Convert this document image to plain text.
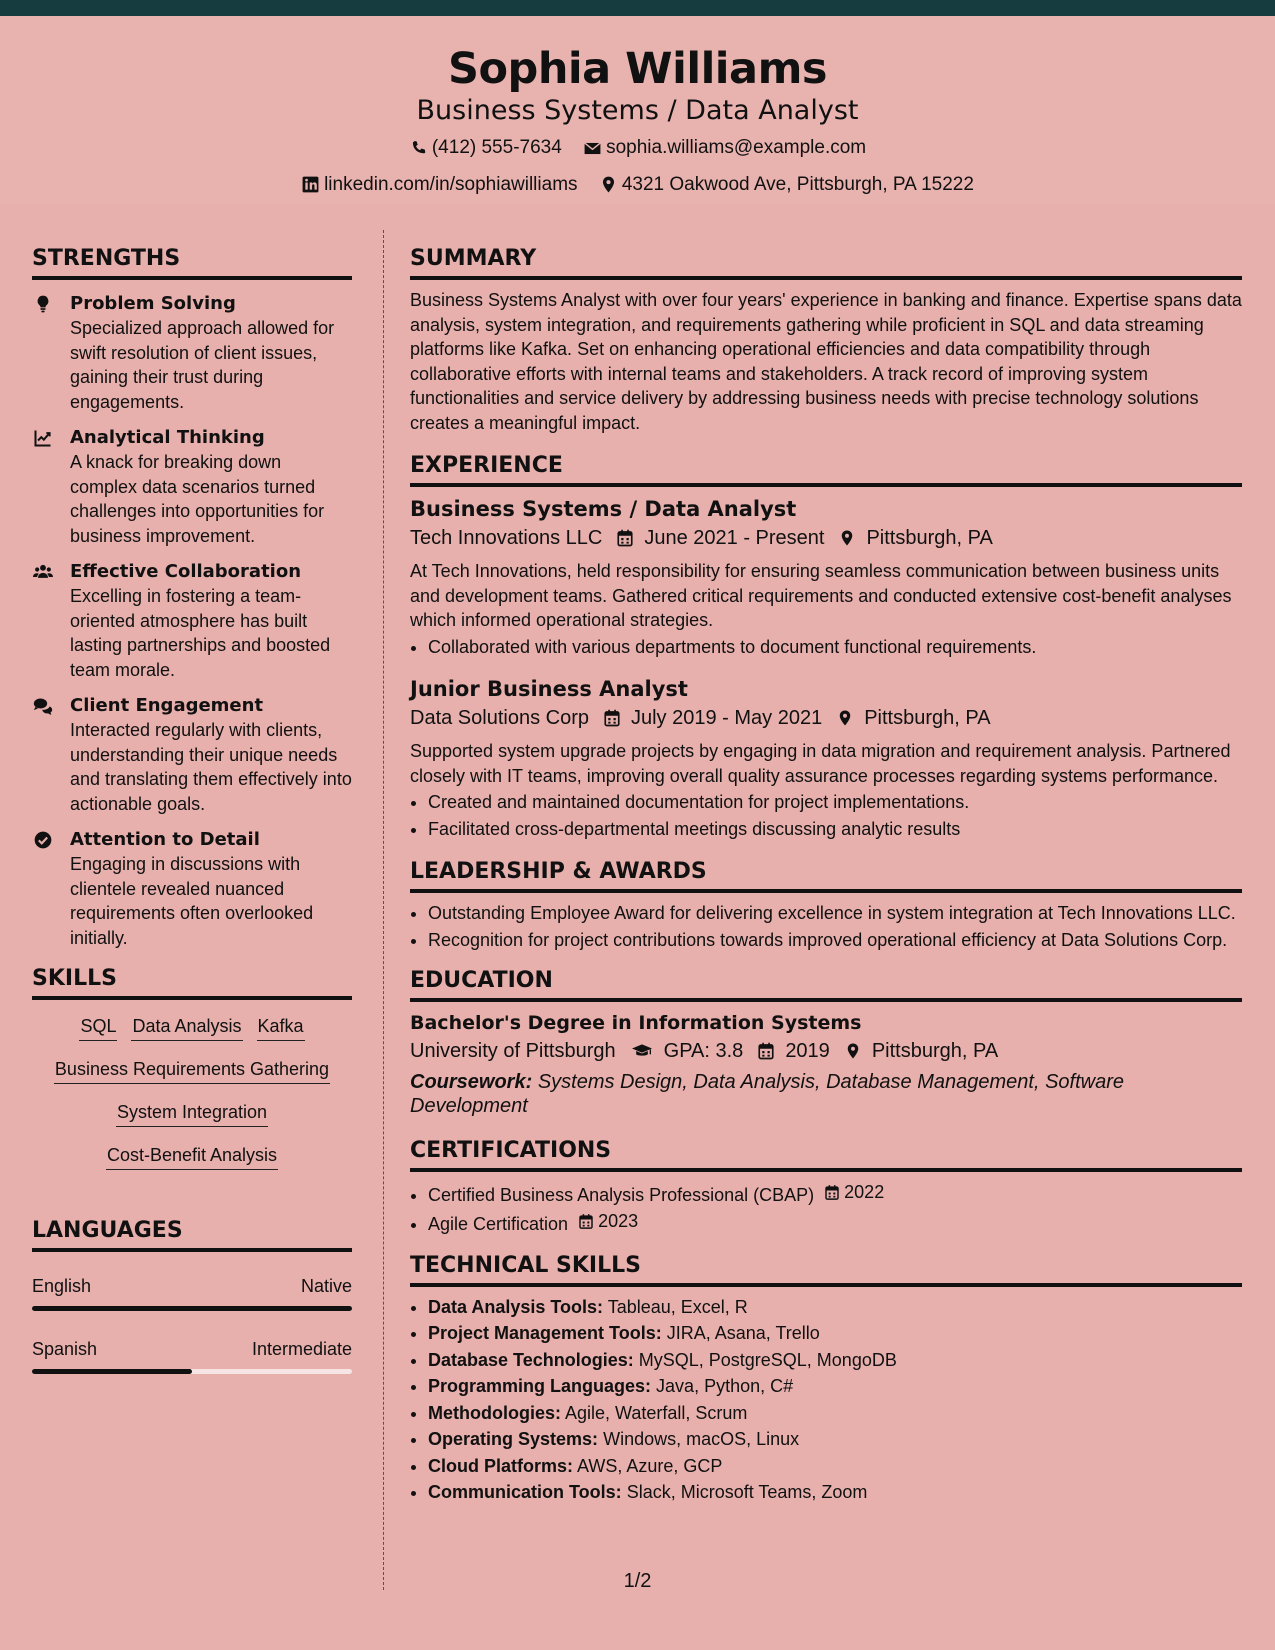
Sophia Williams
Business Systems / Data Analyst
(412) 555-7634
sophia.williams@example.com
linkedin.com/in/sophiawilliams
4321 Oakwood Ave, Pittsburgh, PA 15222
STRENGTHS
Problem Solving
Specialized approach allowed for swift resolution of client issues, gaining their trust during engagements.
Analytical Thinking
A knack for breaking down complex data scenarios turned challenges into opportunities for business improvement.
Effective Collaboration
Excelling in fostering a team-oriented atmosphere has built lasting partnerships and boosted team morale.
Client Engagement
Interacted regularly with clients, understanding their unique needs and translating them effectively into actionable goals.
Attention to Detail
Engaging in discussions with clientele revealed nuanced requirements often overlooked initially.
SKILLS
SQL Data Analysis Kafka
Business Requirements Gathering
System Integration
Cost-Benefit Analysis
LANGUAGES
English	Native
Spanish	Intermediate
SUMMARY
Business Systems Analyst with over four years' experience in banking and finance. Expertise spans data analysis, system integration, and requirements gathering while proficient in SQL and data streaming platforms like Kafka. Set on enhancing operational efficiencies and data compatibility through collaborative efforts with internal teams and stakeholders. A track record of improving system functionalities and service delivery by addressing business needs with precise technology solutions creates a meaningful impact.
EXPERIENCE
Business Systems / Data Analyst
Tech Innovations LLC June 2021 - Present Pittsburgh, PA
At Tech Innovations, held responsibility for ensuring seamless communication between business units and development teams. Gathered critical requirements and conducted extensive cost-benefit analyses which informed operational strategies.
• Collaborated with various departments to document functional requirements.
Junior Business Analyst
Data Solutions Corp July 2019 - May 2021 Pittsburgh, PA
Supported system upgrade projects by engaging in data migration and requirement analysis. Partnered closely with IT teams, improving overall quality assurance processes regarding systems performance.
• Created and maintained documentation for project implementations.
• Facilitated cross-departmental meetings discussing analytic results
LEADERSHIP & AWARDS
• Outstanding Employee Award for delivering excellence in system integration at Tech Innovations LLC.
• Recognition for project contributions towards improved operational efficiency at Data Solutions Corp.
EDUCATION
Bachelor's Degree in Information Systems
University of Pittsburgh GPA: 3.8 2019 Pittsburgh, PA
Coursework: Systems Design, Data Analysis, Database Management, Software Development
CERTIFICATIONS
• Certified Business Analysis Professional (CBAP) 2022
• Agile Certification 2023
TECHNICAL SKILLS
• Data Analysis Tools: Tableau, Excel, R
• Project Management Tools: JIRA, Asana, Trello
• Database Technologies: MySQL, PostgreSQL, MongoDB
• Programming Languages: Java, Python, C#
• Methodologies: Agile, Waterfall, Scrum
• Operating Systems: Windows, macOS, Linux
• Cloud Platforms: AWS, Azure, GCP
• Communication Tools: Slack, Microsoft Teams, Zoom
1/2
